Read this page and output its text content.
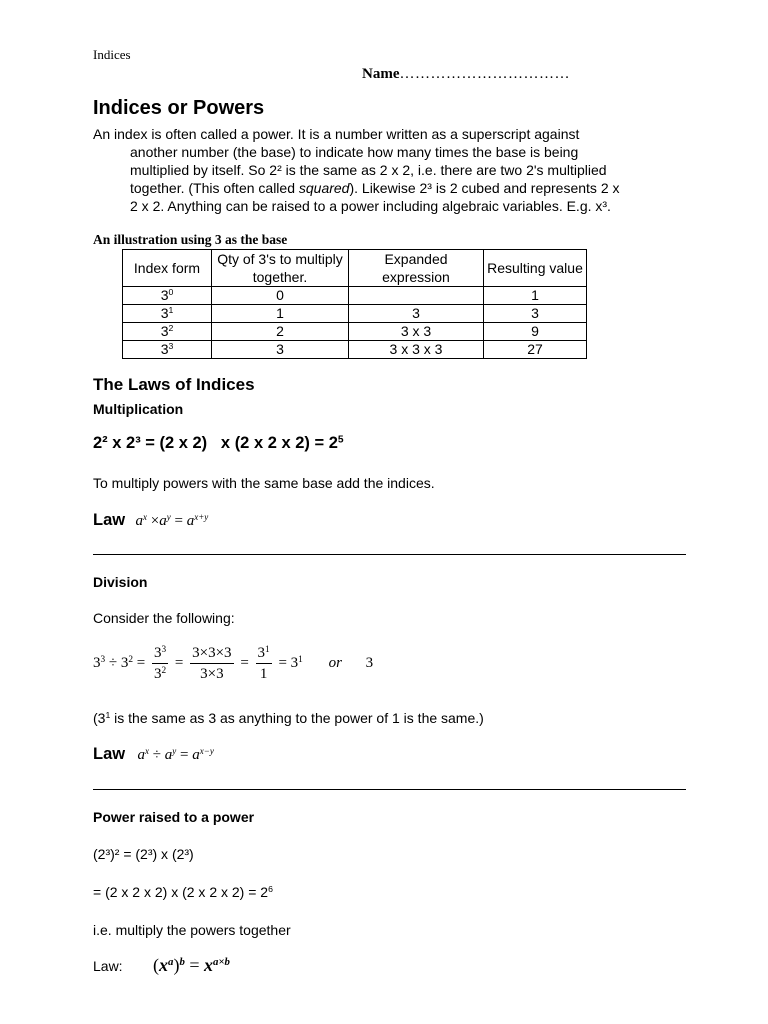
Indices
Name……………………………
Indices or Powers
An index is often called a power. It is a number written as a superscript against
another number (the base) to indicate how many times the base is being
multiplied by itself. So 2² is the same as 2 x 2, i.e. there are two 2's multiplied
together. (This often called squared). Likewise 2³ is 2 cubed and represents 2 x
2 x 2. Anything can be raised to a power including algebraic variables. E.g. x³.
An illustration using 3 as the base
Index form	Qty of 3's to multiply together.	Expanded expression	Resulting value
$3^0$	0		1
$3^1$	1	3	3
$3^2$	2	3 x 3	9
$3^3$	3	3 x 3 x 3	27
The Laws of Indices
Multiplication
2² x 2³ = (2 x 2)   x (2 x 2 x $2) = 2^5$
To multiply powers with the same base add the indices.
Law $a^x \times a^y = a^{x+y}$
Division
Consider the following:
$3^3 \div 3^2 = \frac{3^3}{3^2} = \frac{3\times 3\times 3}{3\times 3} = \frac{3^1}{1} = 3^1$ or 3
($3^1$ is the same as 3 as anything to the power of 1 is the same.)
Law $a^x \div a^y = a^{x-y}$
Power raised to a power
(2³)² = (2³) x (2³)
= (2 x 2 x 2) x (2 x 2 x $2) = 2^6$
i.e. multiply the powers together
Law: $(x^a)^b = x^{a\times b}$
